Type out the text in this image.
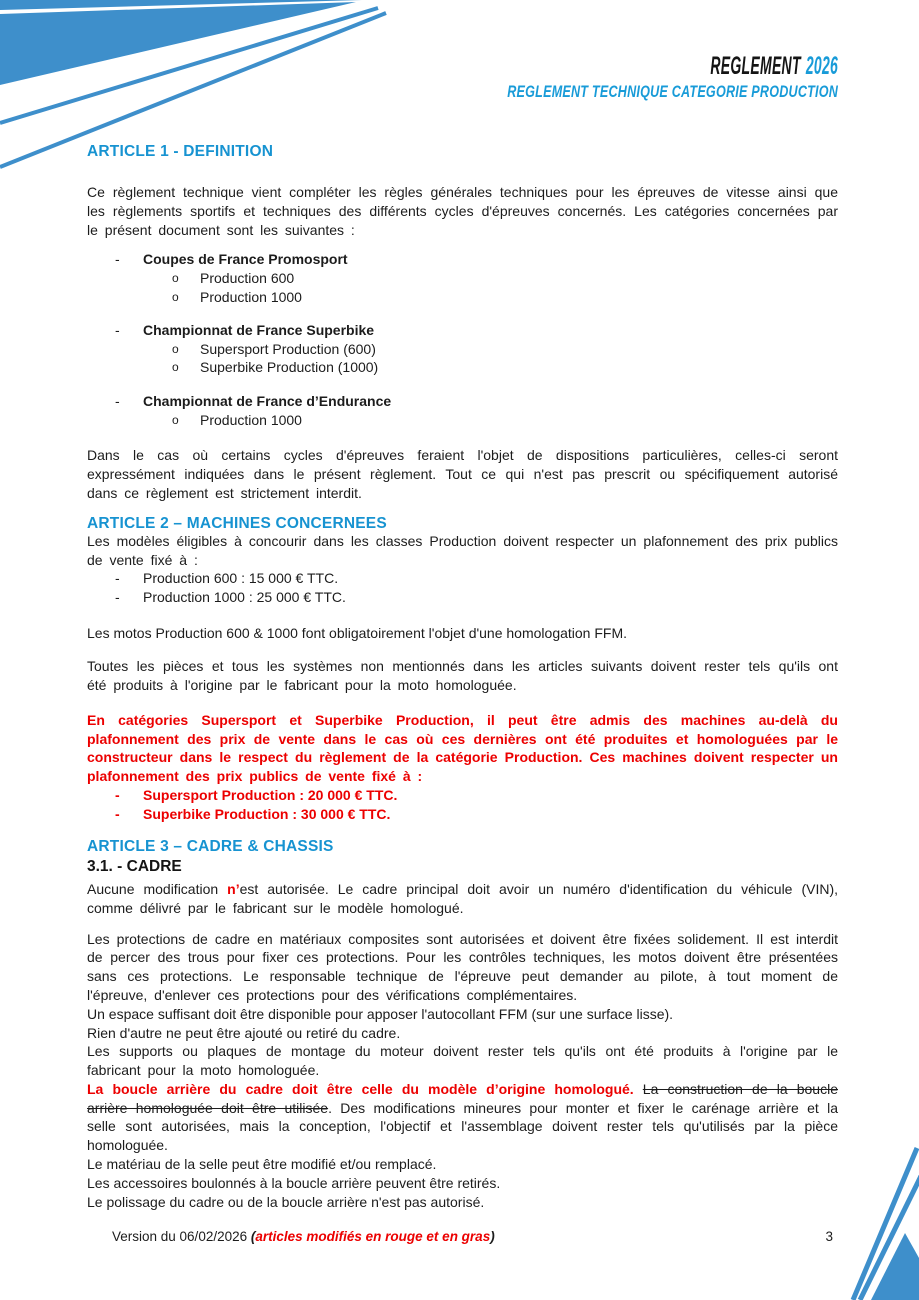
REGLEMENT 2026
REGLEMENT TECHNIQUE CATEGORIE PRODUCTION
ARTICLE 1 - DEFINITION

Ce règlement technique vient compléter les règles générales techniques pour les épreuves de vitesse ainsi que les règlements sportifs et techniques des différents cycles d'épreuves concernés. Les catégories concernées par le présent document sont les suivantes :

-	Coupes de France Promosport
o	Production 600
o	Production 1000
-	Championnat de France Superbike
o	Supersport Production (600)
o	Superbike Production (1000)
-	Championnat de France d’Endurance
o	Production 1000

Dans le cas où certains cycles d'épreuves feraient l'objet de dispositions particulières, celles-ci seront expressément indiquées dans le présent règlement. Tout ce qui n'est pas prescrit ou spécifiquement autorisé dans ce règlement est strictement interdit.

ARTICLE 2 – MACHINES CONCERNEES

Les modèles éligibles à concourir dans les classes Production doivent respecter un plafonnement des prix publics de vente fixé à :

-	Production 600 : 15 000 € TTC.
-	Production 1000 : 25 000 € TTC.

Les motos Production 600 & 1000 font obligatoirement l'objet d'une homologation FFM.

Toutes les pièces et tous les systèmes non mentionnés dans les articles suivants doivent rester tels qu'ils ont été produits à l'origine par le fabricant pour la moto homologuée.

En catégories Supersport et Superbike Production, il peut être admis des machines au-delà du plafonnement des prix de vente dans le cas où ces dernières ont été produites et homologuées par le constructeur dans le respect du règlement de la catégorie Production. Ces machines doivent respecter un plafonnement des prix publics de vente fixé à :

-	Supersport Production : 20 000 € TTC.
-	Superbike Production : 30 000 € TTC.
ARTICLE 3 – CADRE & CHASSIS
3.1. - CADRE

Aucune modification n’est autorisée. Le cadre principal doit avoir un numéro d'identification du véhicule (VIN), comme délivré par le fabricant sur le modèle homologué.

Les protections de cadre en matériaux composites sont autorisées et doivent être fixées solidement. Il est interdit de percer des trous pour fixer ces protections. Pour les contrôles techniques, les motos doivent être présentées sans ces protections. Le responsable technique de l'épreuve peut demander au pilote, à tout moment de l'épreuve, d'enlever ces protections pour des vérifications complémentaires.

Un espace suffisant doit être disponible pour apposer l'autocollant FFM (sur une surface lisse).

Rien d'autre ne peut être ajouté ou retiré du cadre.

Les supports ou plaques de montage du moteur doivent rester tels qu'ils ont été produits à l'origine par le fabricant pour la moto homologuée.

La boucle arrière du cadre doit être celle du modèle d’origine homologué. La construction de la boucle arrière homologuée doit être utilisée. Des modifications mineures pour monter et fixer le carénage arrière et la selle sont autorisées, mais la conception, l'objectif et l'assemblage doivent rester tels qu'utilisés par la pièce homologuée.

Le matériau de la selle peut être modifié et/ou remplacé.

Les accessoires boulonnés à la boucle arrière peuvent être retirés.

Le polissage du cadre ou de la boucle arrière n'est pas autorisé.

Version du 06/02/2026 (articles modifiés en rouge et en gras)	3
